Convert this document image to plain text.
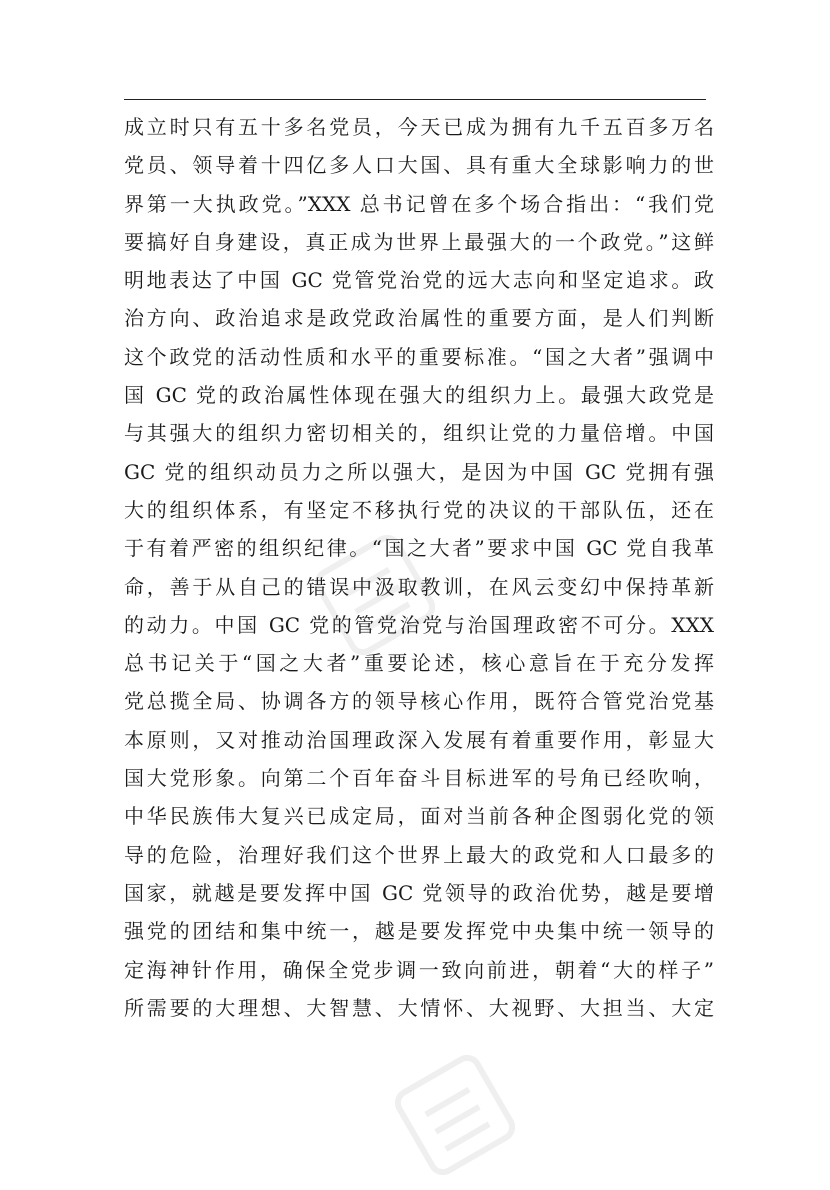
成立时只有五十多名党员，今天已成为拥有九千五百多万名
党员、领导着十四亿多人口大国、具有重大全球影响力的世
界第一大执政党。”XXX 总书记曾在多个场合指出：“我们党
要搞好自身建设，真正成为世界上最强大的一个政党。”这鲜
明地表达了中国 GC 党管党治党的远大志向和坚定追求。政
治方向、政治追求是政党政治属性的重要方面，是人们判断
这个政党的活动性质和水平的重要标准。“国之大者”强调中
国 GC 党的政治属性体现在强大的组织力上。最强大政党是
与其强大的组织力密切相关的，组织让党的力量倍增。中国
GC 党的组织动员力之所以强大，是因为中国 GC 党拥有强
大的组织体系，有坚定不移执行党的决议的干部队伍，还在
于有着严密的组织纪律。“国之大者”要求中国 GC 党自我革
命，善于从自己的错误中汲取教训，在风云变幻中保持革新
的动力。中国 GC 党的管党治党与治国理政密不可分。XXX
总书记关于“国之大者”重要论述，核心意旨在于充分发挥
党总揽全局、协调各方的领导核心作用，既符合管党治党基
本原则，又对推动治国理政深入发展有着重要作用，彰显大
国大党形象。向第二个百年奋斗目标进军的号角已经吹响，
中华民族伟大复兴已成定局，面对当前各种企图弱化党的领
导的危险，治理好我们这个世界上最大的政党和人口最多的
国家，就越是要发挥中国 GC 党领导的政治优势，越是要增
强党的团结和集中统一，越是要发挥党中央集中统一领导的
定海神针作用，确保全党步调一致向前进，朝着“大的样子”
所需要的大理想、大智慧、大情怀、大视野、大担当、大定
